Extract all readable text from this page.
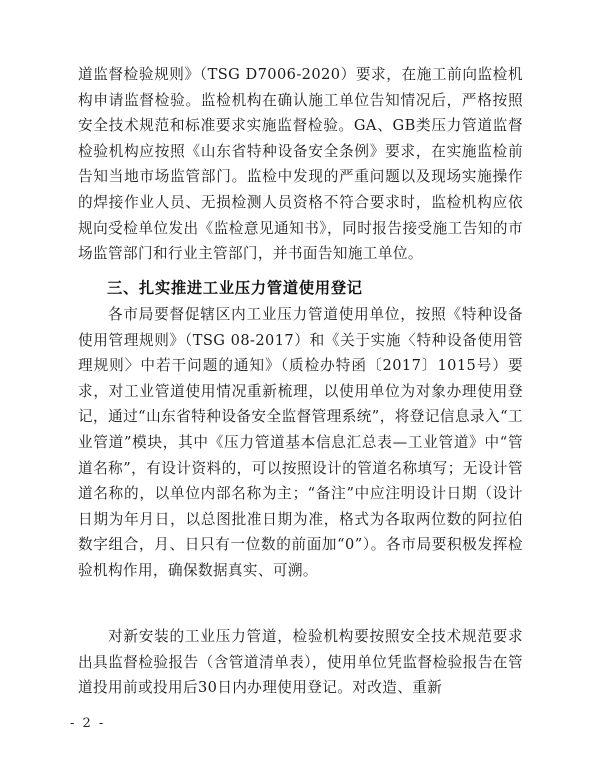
道监督检验规则》（TSG D7006-2020）要求，在施工前向监检机构申请监督检验。监检机构在确认施工单位告知情况后，严格按照安全技术规范和标准要求实施监督检验。GA、GB类压力管道监督检验机构应按照《山东省特种设备安全条例》要求，在实施监检前告知当地市场监管部门。监检中发现的严重问题以及现场实施操作的焊接作业人员、无损检测人员资格不符合要求时，监检机构应依规向受检单位发出《监检意见通知书》，同时报告接受施工告知的市场监管部门和行业主管部门，并书面告知施工单位。
三、扎实推进工业压力管道使用登记
各市局要督促辖区内工业压力管道使用单位，按照《特种设备使用管理规则》（TSG 08-2017）和《关于实施〈特种设备使用管理规则〉中若干问题的通知》（质检办特函〔2017〕1015号）要求，对工业管道使用情况重新梳理，以使用单位为对象办理使用登记，通过“山东省特种设备安全监督管理系统”，将登记信息录入“工业管道”模块，其中《压力管道基本信息汇总表—工业管道》中“管道名称”，有设计资料的，可以按照设计的管道名称填写；无设计管道名称的，以单位内部名称为主；“备注”中应注明设计日期（设计日期为年月日，以总图批准日期为准，格式为各取两位数的阿拉伯数字组合，月、日只有一位数的前面加“0”）。各市局要积极发挥检验机构作用，确保数据真实、可溯。
对新安装的工业压力管道，检验机构要按照安全技术规范要求出具监督检验报告（含管道清单表），使用单位凭监督检验报告在管道投用前或投用后30日内办理使用登记。对改造、重新
- 2 -
